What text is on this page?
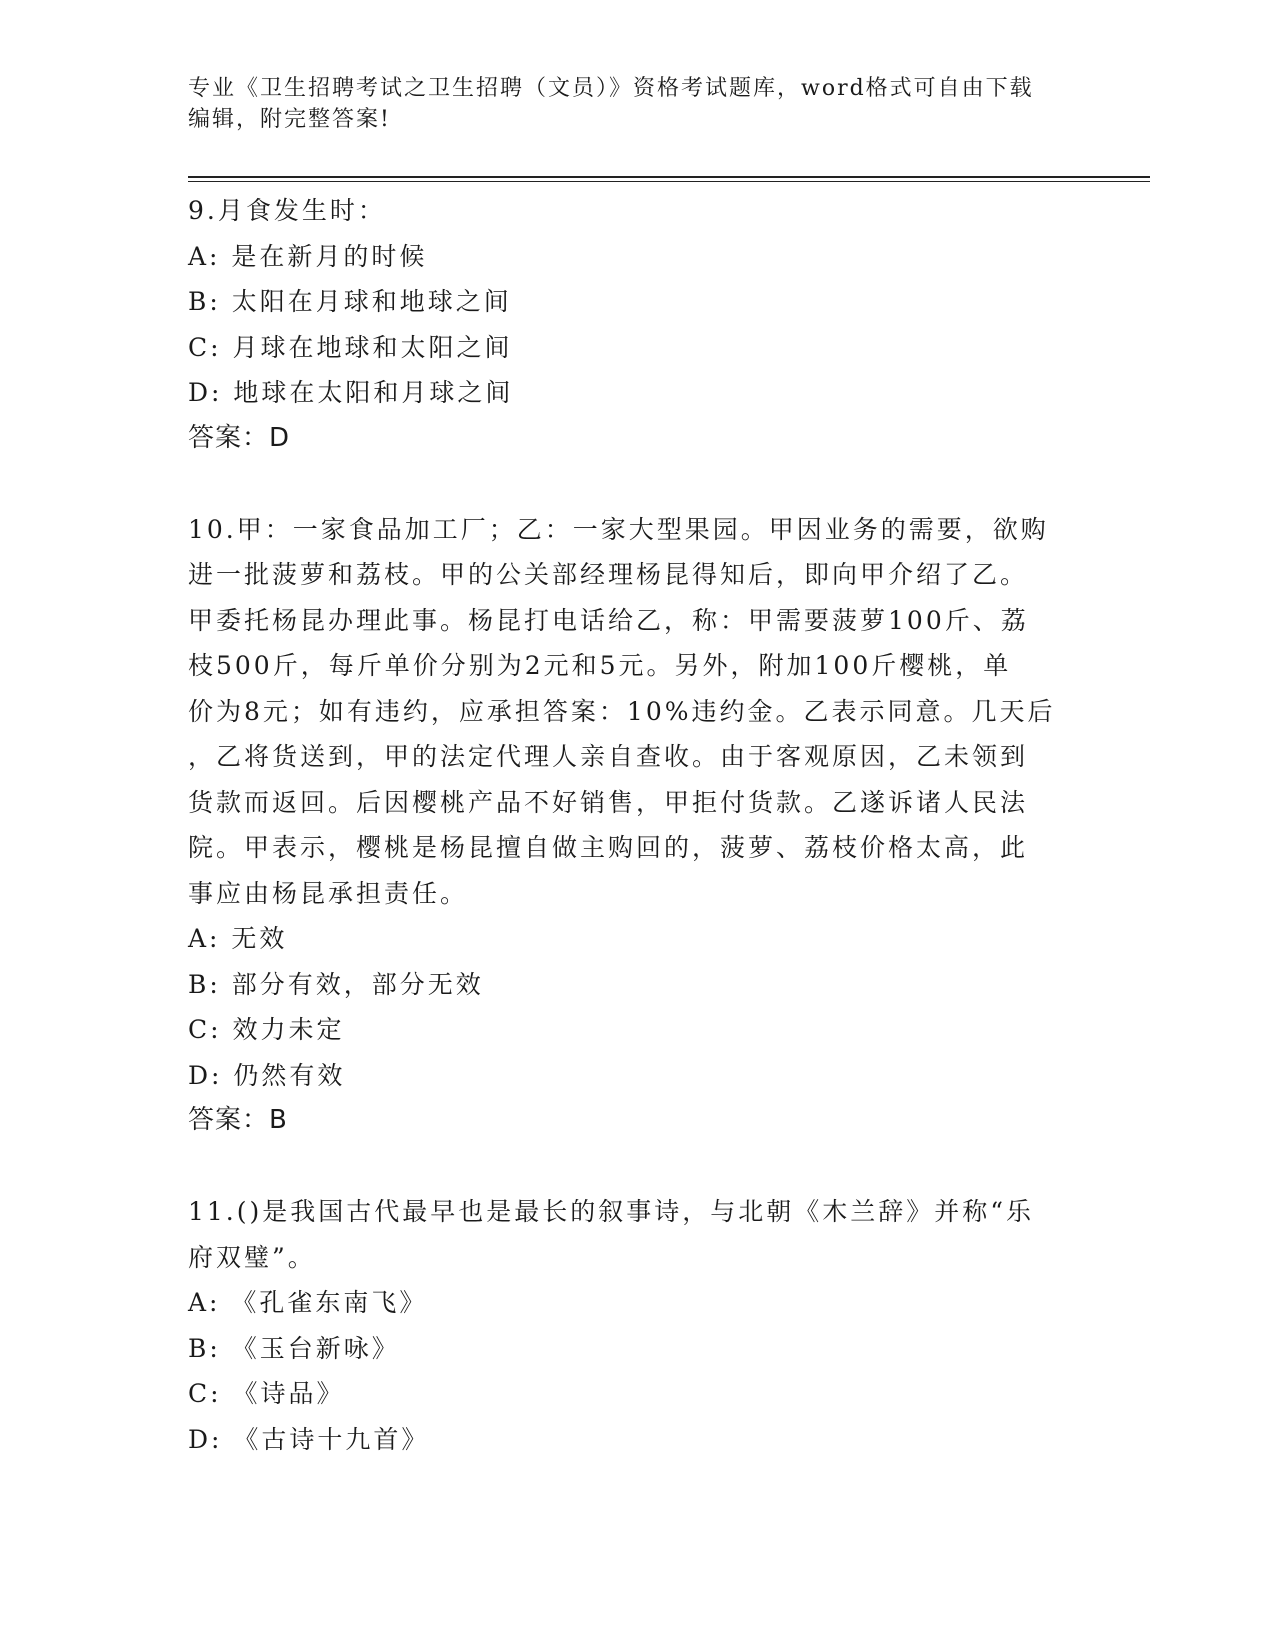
专业《卫生招聘考试之卫生招聘（文员）》资格考试题库，word格式可自由下载
编辑，附完整答案!

9.月食发生时：

A: 是在新月的时候

B: 太阳在月球和地球之间

C: 月球在地球和太阳之间

D: 地球在太阳和月球之间

答案：D

10.甲：一家食品加工厂；乙：一家大型果园。甲因业务的需要，欲购

进一批菠萝和荔枝。甲的公关部经理杨昆得知后，即向甲介绍了乙。

甲委托杨昆办理此事。杨昆打电话给乙，称：甲需要菠萝100斤、荔

枝500斤，每斤单价分别为2元和5元。另外，附加100斤樱桃，单

价为8元；如有违约，应承担答案：10%违约金。乙表示同意。几天后

，乙将货送到，甲的法定代理人亲自查收。由于客观原因，乙未领到

货款而返回。后因樱桃产品不好销售，甲拒付货款。乙遂诉诸人民法

院。甲表示，樱桃是杨昆擅自做主购回的，菠萝、荔枝价格太高，此

事应由杨昆承担责任。

A: 无效

B: 部分有效，部分无效

C: 效力未定

D: 仍然有效

答案：B

11.()是我国古代最早也是最长的叙事诗，与北朝《木兰辞》并称“乐

府双璧”。

A: 《孔雀东南飞》

B: 《玉台新咏》

C: 《诗品》

D: 《古诗十九首》
